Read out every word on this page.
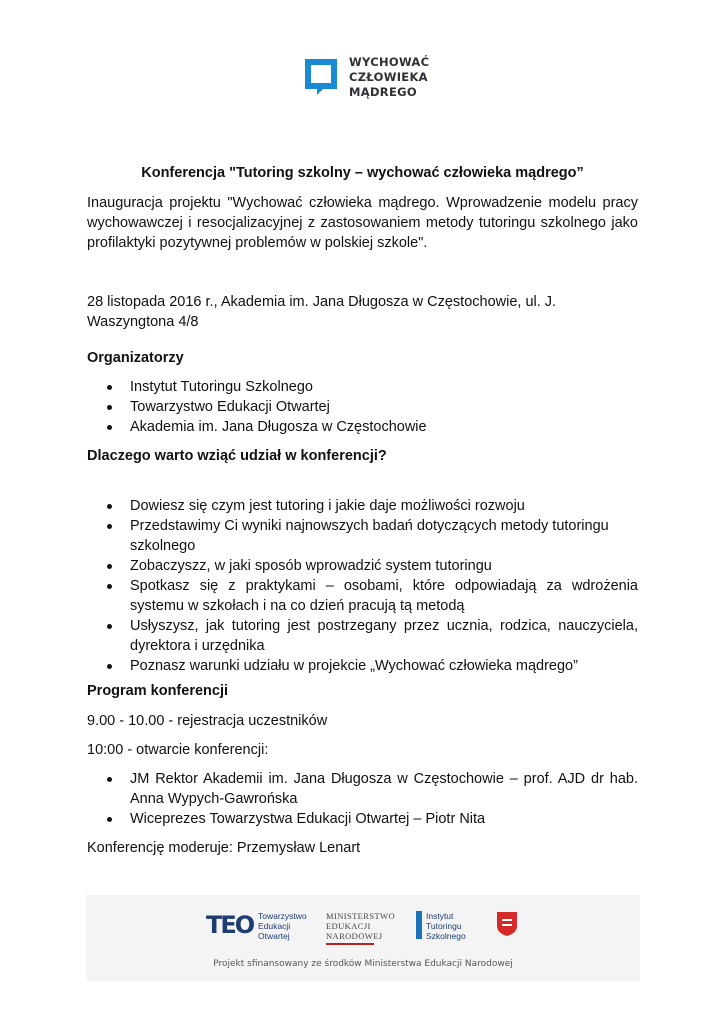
WYCHOWAĆ
CZŁOWIEKA
MĄDREGO
Konferencja "Tutoring szkolny – wychować człowieka mądrego”
Inauguracja projektu "Wychować człowieka mądrego. Wprowadzenie modelu pracy wychowawczej i resocjalizacyjnej z zastosowaniem metody tutoringu szkolnego jako profilaktyki pozytywnej problemów w polskiej szkole".
28 listopada 2016 r., Akademia im. Jana Długosza w Częstochowie, ul. J. Waszyngtona 4/8
Organizatorzy
Instytut Tutoringu Szkolnego
Towarzystwo Edukacji Otwartej
Akademia im. Jana Długosza w Częstochowie
Dlaczego warto wziąć udział w konferencji?
Dowiesz się czym jest tutoring i jakie daje możliwości rozwoju
Przedstawimy Ci wyniki najnowszych badań dotyczących metody tutoringu szkolnego
Zobaczyszz, w jaki sposób wprowadzić system tutoringu
Spotkasz się z praktykami – osobami, które odpowiadają za wdrożenia systemu w szkołach i na co dzień pracują tą metodą
Usłyszysz, jak tutoring jest postrzegany przez ucznia, rodzica, nauczyciela, dyrektora i urzędnika
Poznasz warunki udziału w projekcie „Wychować człowieka mądrego”
Program konferencji
9.00 - 10.00 - rejestracja uczestników
10:00 - otwarcie konferencji:
JM Rektor Akademii im. Jana Długosza w Częstochowie – prof. AJD dr hab. Anna Wypych-Gawrońska
Wiceprezes Towarzystwa Edukacji Otwartej – Piotr Nita
Konferencję moderuje: Przemysław Lenart
TEO Towarzystwo
Edukacji
Otwartej
MINISTERSTWO
EDUKACJI
NARODOWEJ
Instytut
Tutoringu
Szkolnego
Projekt sfinansowany ze środków Ministerstwa Edukacji Narodowej
